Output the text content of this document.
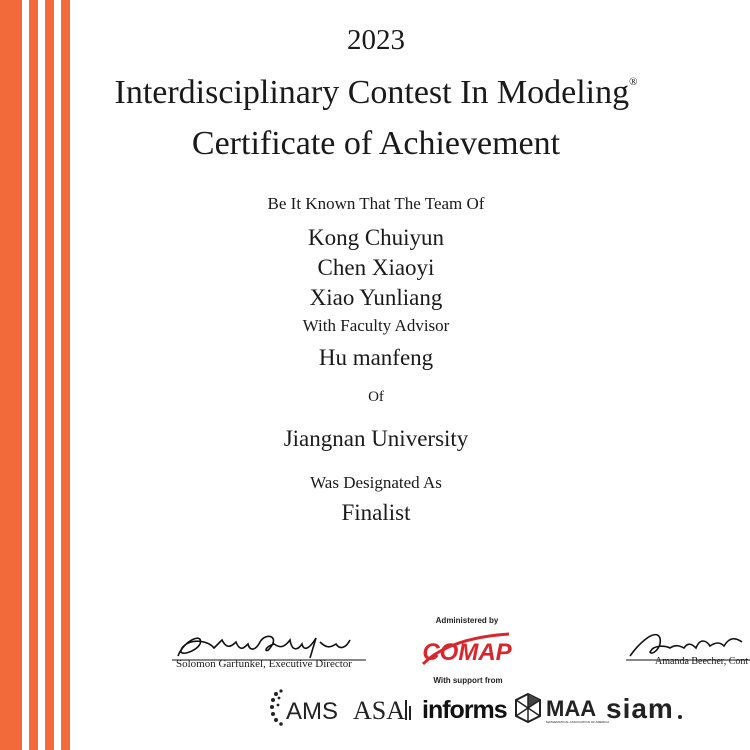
2023
Interdisciplinary Contest In Modeling®
Certificate of Achievement
Be It Known That The Team Of
Kong Chuiyun
Chen Xiaoyi
Xiao Yunliang
With Faculty Advisor
Hu manfeng
Of
Jiangnan University
Was Designated As
Finalist
Solomon Garfunkel, Executive Director	Amanda Beecher, Cont
Administered by
COMAP
With support from
AMS ASA informs MAA
MATHEMATICAL ASSOCIATION OF AMERICA
siam
